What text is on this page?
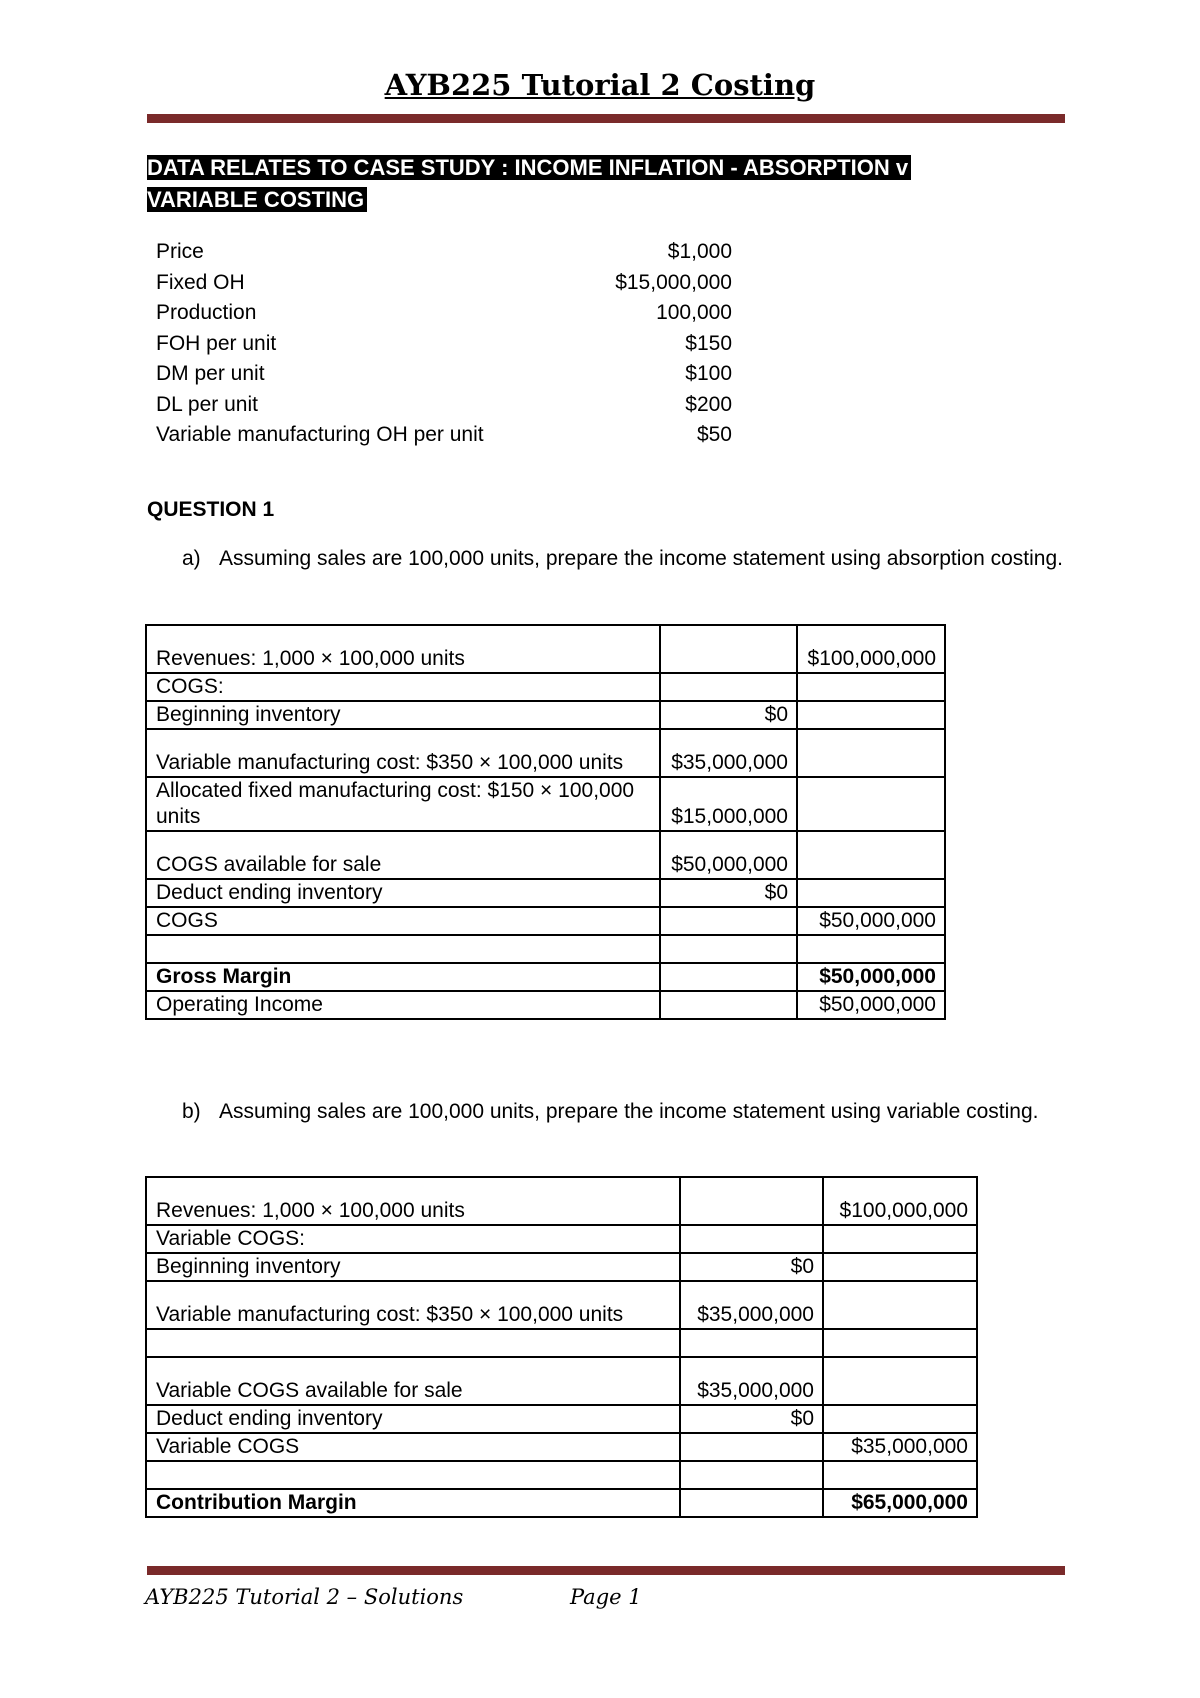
AYB225 Tutorial 2 Costing
DATA RELATES TO CASE STUDY : INCOME INFLATION - ABSORPTION v
VARIABLE COSTING
Price	$1,000
Fixed OH	$15,000,000
Production	100,000
FOH per unit	$150
DM per unit	$100
DL per unit	$200
Variable manufacturing OH per unit	$50
QUESTION 1
a) Assuming sales are 100,000 units, prepare the income statement using absorption costing.
Revenues: 1,000 × 100,000 units		$100,000,000
COGS:		
Beginning inventory	$0	
Variable manufacturing cost: $350 × 100,000 units	$35,000,000	
Allocated fixed manufacturing cost: $150 × 100,000 units	$15,000,000	
COGS available for sale	$50,000,000	
Deduct ending inventory	$0	
COGS		$50,000,000

Gross Margin		$50,000,000
Operating Income		$50,000,000
b) Assuming sales are 100,000 units, prepare the income statement using variable costing.
Revenues: 1,000 × 100,000 units		$100,000,000
Variable COGS:		
Beginning inventory	$0	
Variable manufacturing cost: $350 × 100,000 units	$35,000,000	

Variable COGS available for sale	$35,000,000	
Deduct ending inventory	$0	
Variable COGS		$35,000,000

Contribution Margin		$65,000,000
AYB225 Tutorial 2 – Solutions	Page 1
